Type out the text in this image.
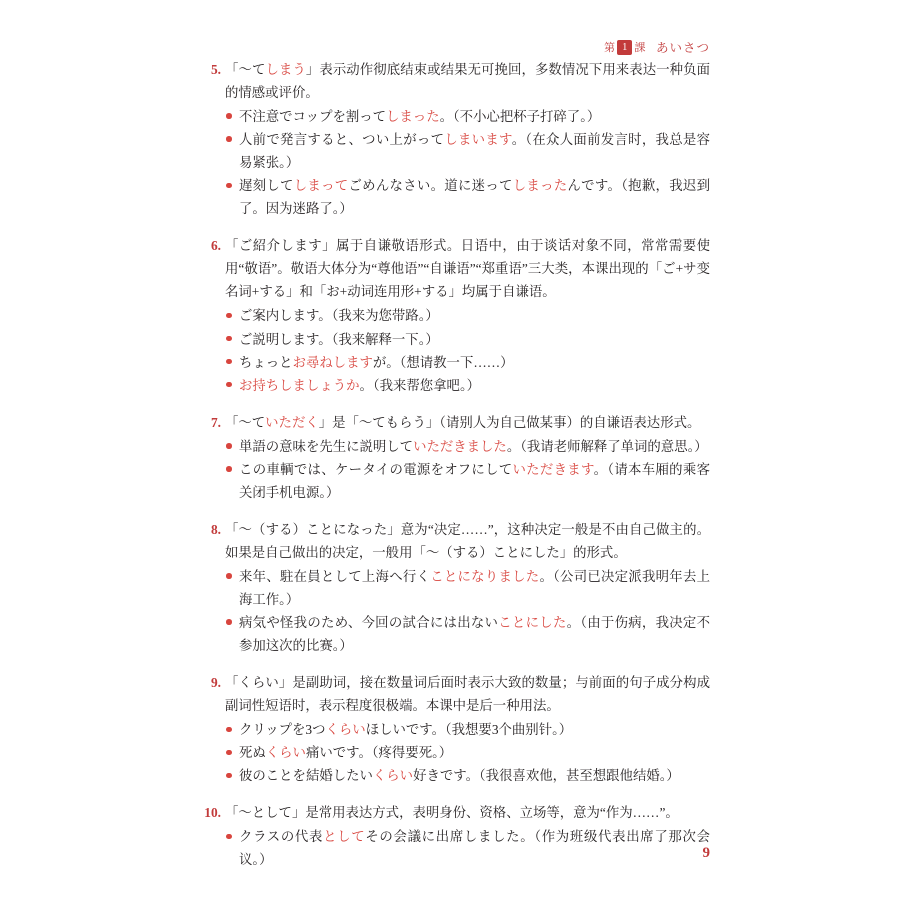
第 1 課 あいさつ
5. 「〜てしまう」表示动作彻底结束或结果无可挽回，多数情况下用来表达一种负面的情感或评价。

不注意でコップを割ってしまった。（不小心把杯子打碎了。）
人前で発言すると、つい上がってしまいます。（在众人面前发言时，我总是容易紧张。）
遅刻してしまってごめんなさい。道に迷ってしまったんです。（抱歉，我迟到了。因为迷路了。）
6. 「ご紹介します」属于自谦敬语形式。日语中，由于谈话对象不同，常常需要使用“敬语”。敬语大体分为“尊他语”“自谦语”“郑重语”三大类，本课出现的「ご+サ变名词+する」和「お+动词连用形+する」均属于自谦语。

ご案内します。（我来为您带路。）
ご説明します。（我来解释一下。）
ちょっとお尋ねしますが。（想请教一下……）
お持ちしましょうか。（我来帮您拿吧。）
7. 「〜ていただく」是「〜てもらう」（请别人为自己做某事）的自谦语表达形式。

単語の意味を先生に説明していただきました。（我请老师解释了单词的意思。）
この車輌では、ケータイの電源をオフにしていただきます。（请本车厢的乘客关闭手机电源。）
8. 「〜（する）ことになった」意为“决定……”，这种决定一般是不由自己做主的。如果是自己做出的决定，一般用「〜（する）ことにした」的形式。

来年、駐在員として上海へ行くことになりました。（公司已决定派我明年去上海工作。）
病気や怪我のため、今回の試合には出ないことにした。（由于伤病，我决定不参加这次的比赛。）
9. 「くらい」是副助词，接在数量词后面时表示大致的数量；与前面的句子成分构成副词性短语时，表示程度很极端。本课中是后一种用法。

クリップを3つくらいほしいです。（我想要3个曲别针。）
死ぬくらい痛いです。（疼得要死。）
彼のことを結婚したいくらい好きです。（我很喜欢他，甚至想跟他结婚。）
10. 「〜として」是常用表达方式，表明身份、资格、立场等，意为“作为……”。

クラスの代表としてその会議に出席しました。（作为班级代表出席了那次会议。）	9
